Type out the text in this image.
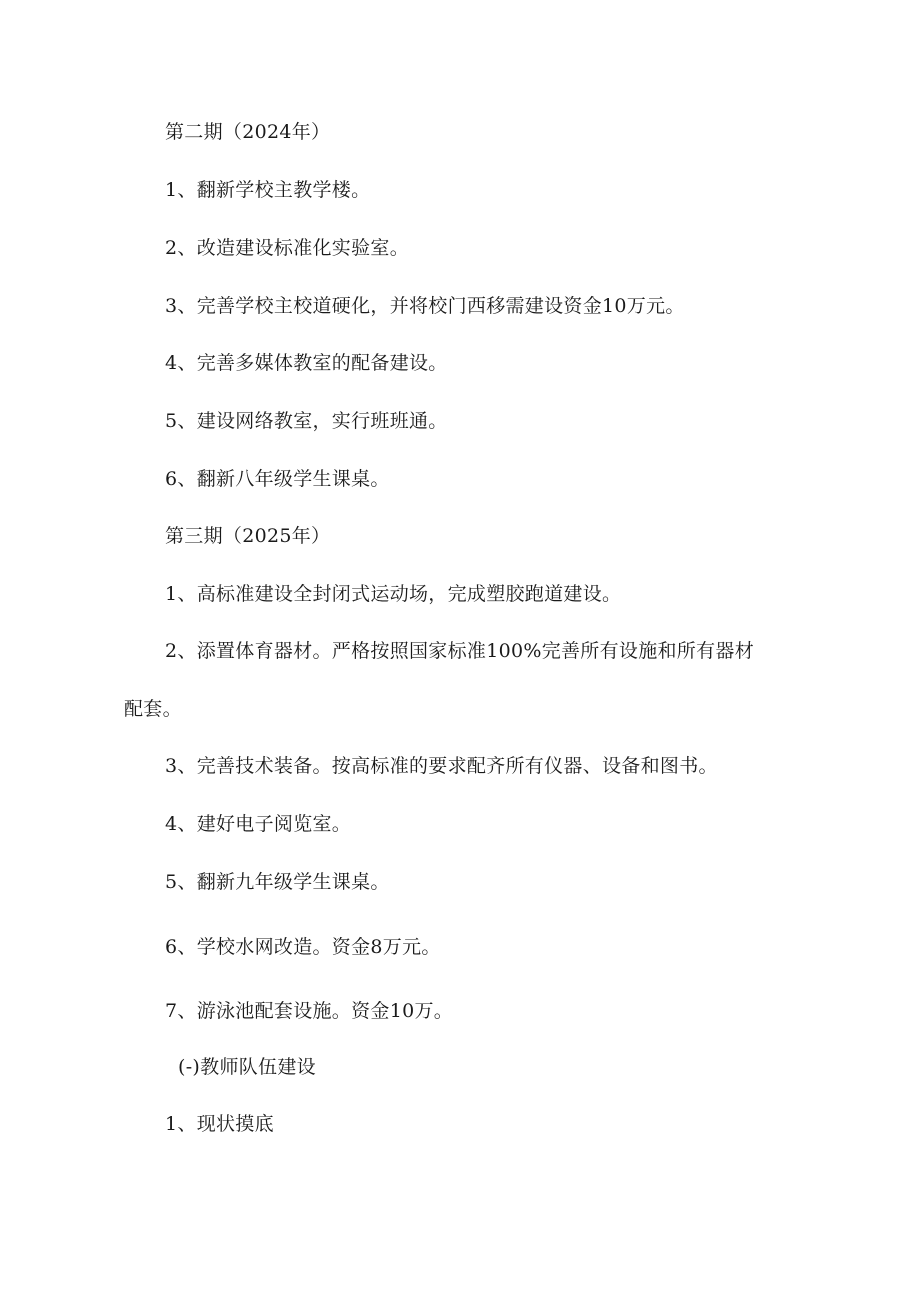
第二期（2024年）
1、翻新学校主教学楼。
2、改造建设标准化实验室。
3、完善学校主校道硬化，并将校门西移需建设资金10万元。
4、完善多媒体教室的配备建设。
5、建设网络教室，实行班班通。
6、翻新八年级学生课桌。
第三期（2025年）
1、高标准建设全封闭式运动场，完成塑胶跑道建设。
2、添置体育器材。严格按照国家标准100%完善所有设施和所有器材
配套。
3、完善技术装备。按高标准的要求配齐所有仪器、设备和图书。
4、建好电子阅览室。
5、翻新九年级学生课桌。
6、学校水网改造。资金8万元。
7、游泳池配套设施。资金10万。
(-)教师队伍建设
1、现状摸底
